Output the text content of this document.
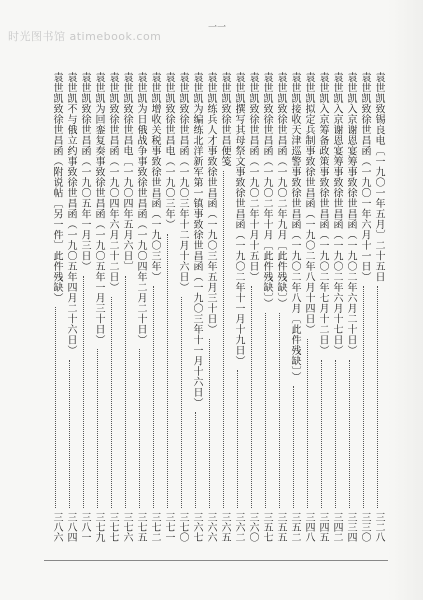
时光图书馆 atimebook.com
一一
袁世凯致锡良电〔一九〇一年五月〕二十五日
三二八
袁世凯致徐世昌函（一九〇一年六月十一日）
三三〇
袁世凯入京谢恩宴筹事致徐世昌函（一九〇二年六月二十日）
三三四
袁世凯入京谢恩宴筹事致徐世昌函（一九〇二年六月十七日）
三四二
袁世凯入京筹备政策事致徐世昌函（一九〇二年七月十二日）
三四五
袁世凯拟定兵制事致徐世昌函（一九〇二年八月十四日）
三四八
袁世凯接收天津巡警事致徐世昌函（一九〇二年八月〔此件残缺〕）
三五二
袁世凯致徐世昌函（一九〇二年九月〔此件残缺〕）
三五五
袁世凯致徐世昌函（一九〇二年十月〔此件残缺〕）
三五七
袁世凯致徐世昌函（一九〇二年十月十五日）
三六〇
袁世凯撰写其母祭文事致徐世昌函（一九〇二年十一月十九日）
三六二
袁世凯致徐世昌便笺
三六五
袁世凯练兵人才事致徐世昌函（一九〇三年五月三十日）
三六六
袁世凯为编练北洋新军第一镇事致徐世昌函（一九〇三年十一月十六日）
三六七
袁世凯致徐世昌函（一九〇三年十二月十六日）
三七〇
袁世凯致徐世昌电（一九〇三年）
三七一
袁世凯增收关税事致徐世昌函（一九〇三年）
三七二
袁世凯为日俄战争事致徐世昌函（一九〇四年二月二十日）
三七五
袁世凯致徐世昌电〔一九〇四年五月六日〕
三七六
袁世凯致徐世昌函（一九〇四年六月二十二日）
三七七
袁世凯为回銮复奏事致徐世昌函（一九〇五年一月三十日）
三七九
袁世凯致徐世昌函（一九〇五年一月三日）
三八一
袁世凯不与俄立约事致徐世昌函（一九〇五年四月二十六日）
三八四
袁世凯致徐世昌函（附说帖〔另一件〕此件残缺）
三八六
